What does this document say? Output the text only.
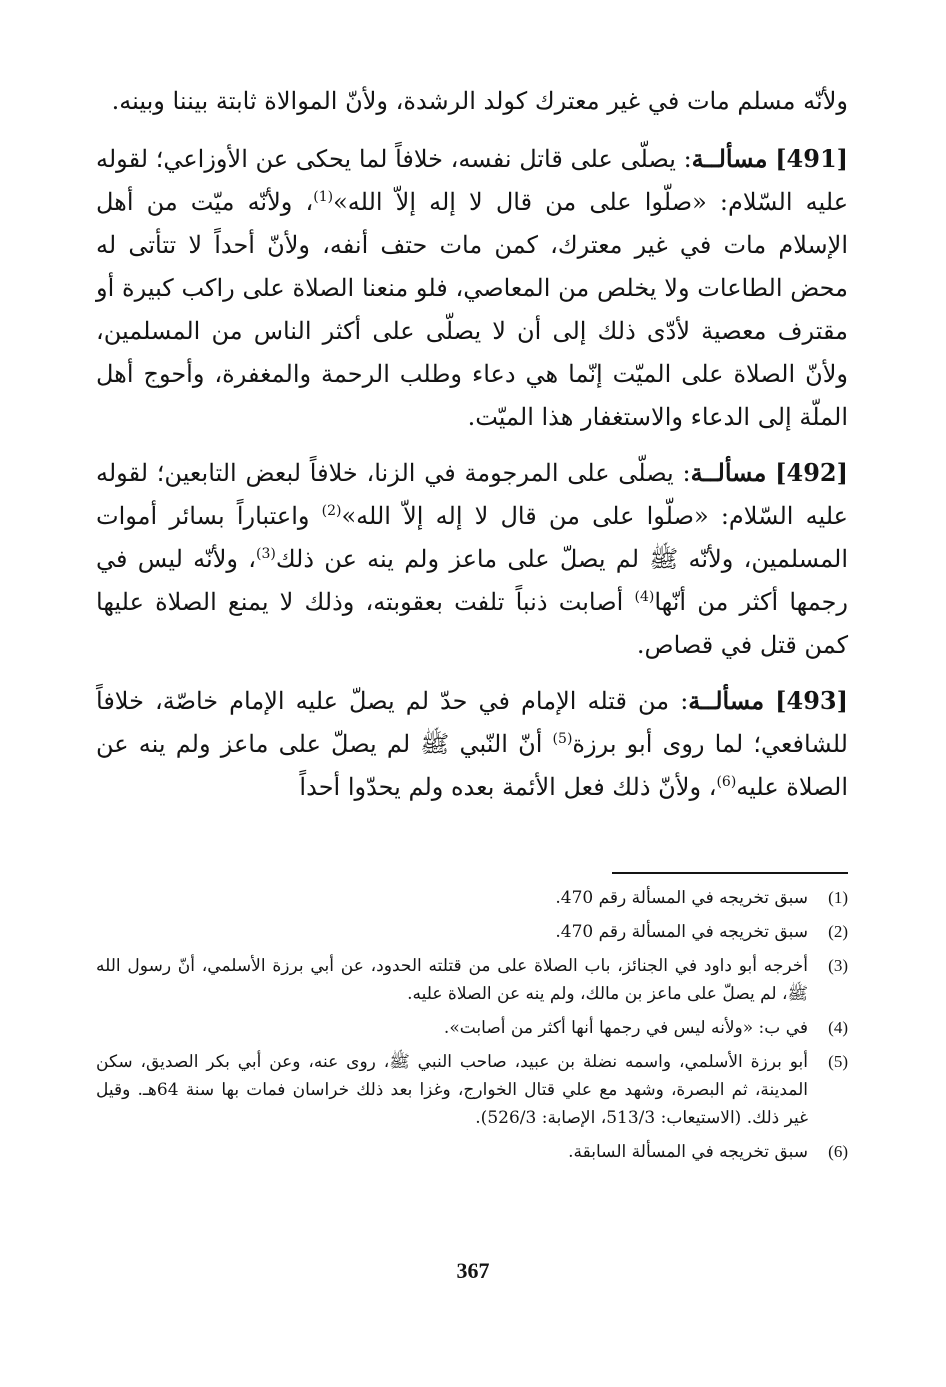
ولأنّه مسلم مات في غير معترك كولد الرشدة، ولأنّ الموالاة ثابتة بيننا وبينه.

[491] مسألــة: يصلّى على قاتل نفسه، خلافاً لما يحكى عن الأوزاعي؛ لقوله عليه السّلام: «صلّوا على من قال لا إله إلاّ الله»$^{(1)}$، ولأنّه ميّت من أهل الإسلام مات في غير معترك، كمن مات حتف أنفه، ولأنّ أحداً لا تتأتى له محض الطاعات ولا يخلص من المعاصي، فلو منعنا الصلاة على راكب كبيرة أو مقترف معصية لأدّى ذلك إلى أن لا يصلّى على أكثر الناس من المسلمين، ولأنّ الصلاة على الميّت إنّما هي دعاء وطلب الرحمة والمغفرة، وأحوج أهل الملّة إلى الدعاء والاستغفار هذا الميّت.

[492] مسألــة: يصلّى على المرجومة في الزنا، خلافاً لبعض التابعين؛ لقوله عليه السّلام: «صلّوا على من قال لا إله إلاّ الله»$^{(2)}$ واعتباراً بسائر أموات المسلمين، ولأنّه ﷺ لم يصلّ على ماعز ولم ينه عن ذلك$^{(3)}$، ولأنّه ليس في رجمها أكثر من أنّها$^{(4)}$ أصابت ذنباً تلفت بعقوبته، وذلك لا يمنع الصلاة عليها كمن قتل في قصاص.

[493] مسألــة: من قتله الإمام في حدّ لم يصلّ عليه الإمام خاصّة، خلافاً للشافعي؛ لما روى أبو برزة$^{(5)}$ أنّ النّبي ﷺ لم يصلّ على ماعز ولم ينه عن الصلاة عليه$^{(6)}$، ولأنّ ذلك فعل الأئمة بعده ولم يحدّوا أحداً

(1)
سبق تخريجه في المسألة رقم 470.
(2)
سبق تخريجه في المسألة رقم 470.
(3)
أخرجه أبو داود في الجنائز، باب الصلاة على من قتلته الحدود، عن أبي برزة الأسلمي، أنّ رسول الله ﷺ، لم يصلّ على ماعز بن مالك، ولم ينه عن الصلاة عليه.
(4)
في ب: «ولأنه ليس في رجمها أنها أكثر من أصابت».
(5)
أبو برزة الأسلمي، واسمه نضلة بن عبيد، صاحب النبي ﷺ، روى عنه، وعن أبي بكر الصديق، سكن المدينة، ثم البصرة، وشهد مع علي قتال الخوارج، وغزا بعد ذلك خراسان فمات بها سنة 64هـ. وقيل غير ذلك. (الاستيعاب: 513/3، الإصابة: 526/3).
(6)
سبق تخريجه في المسألة السابقة.
367
